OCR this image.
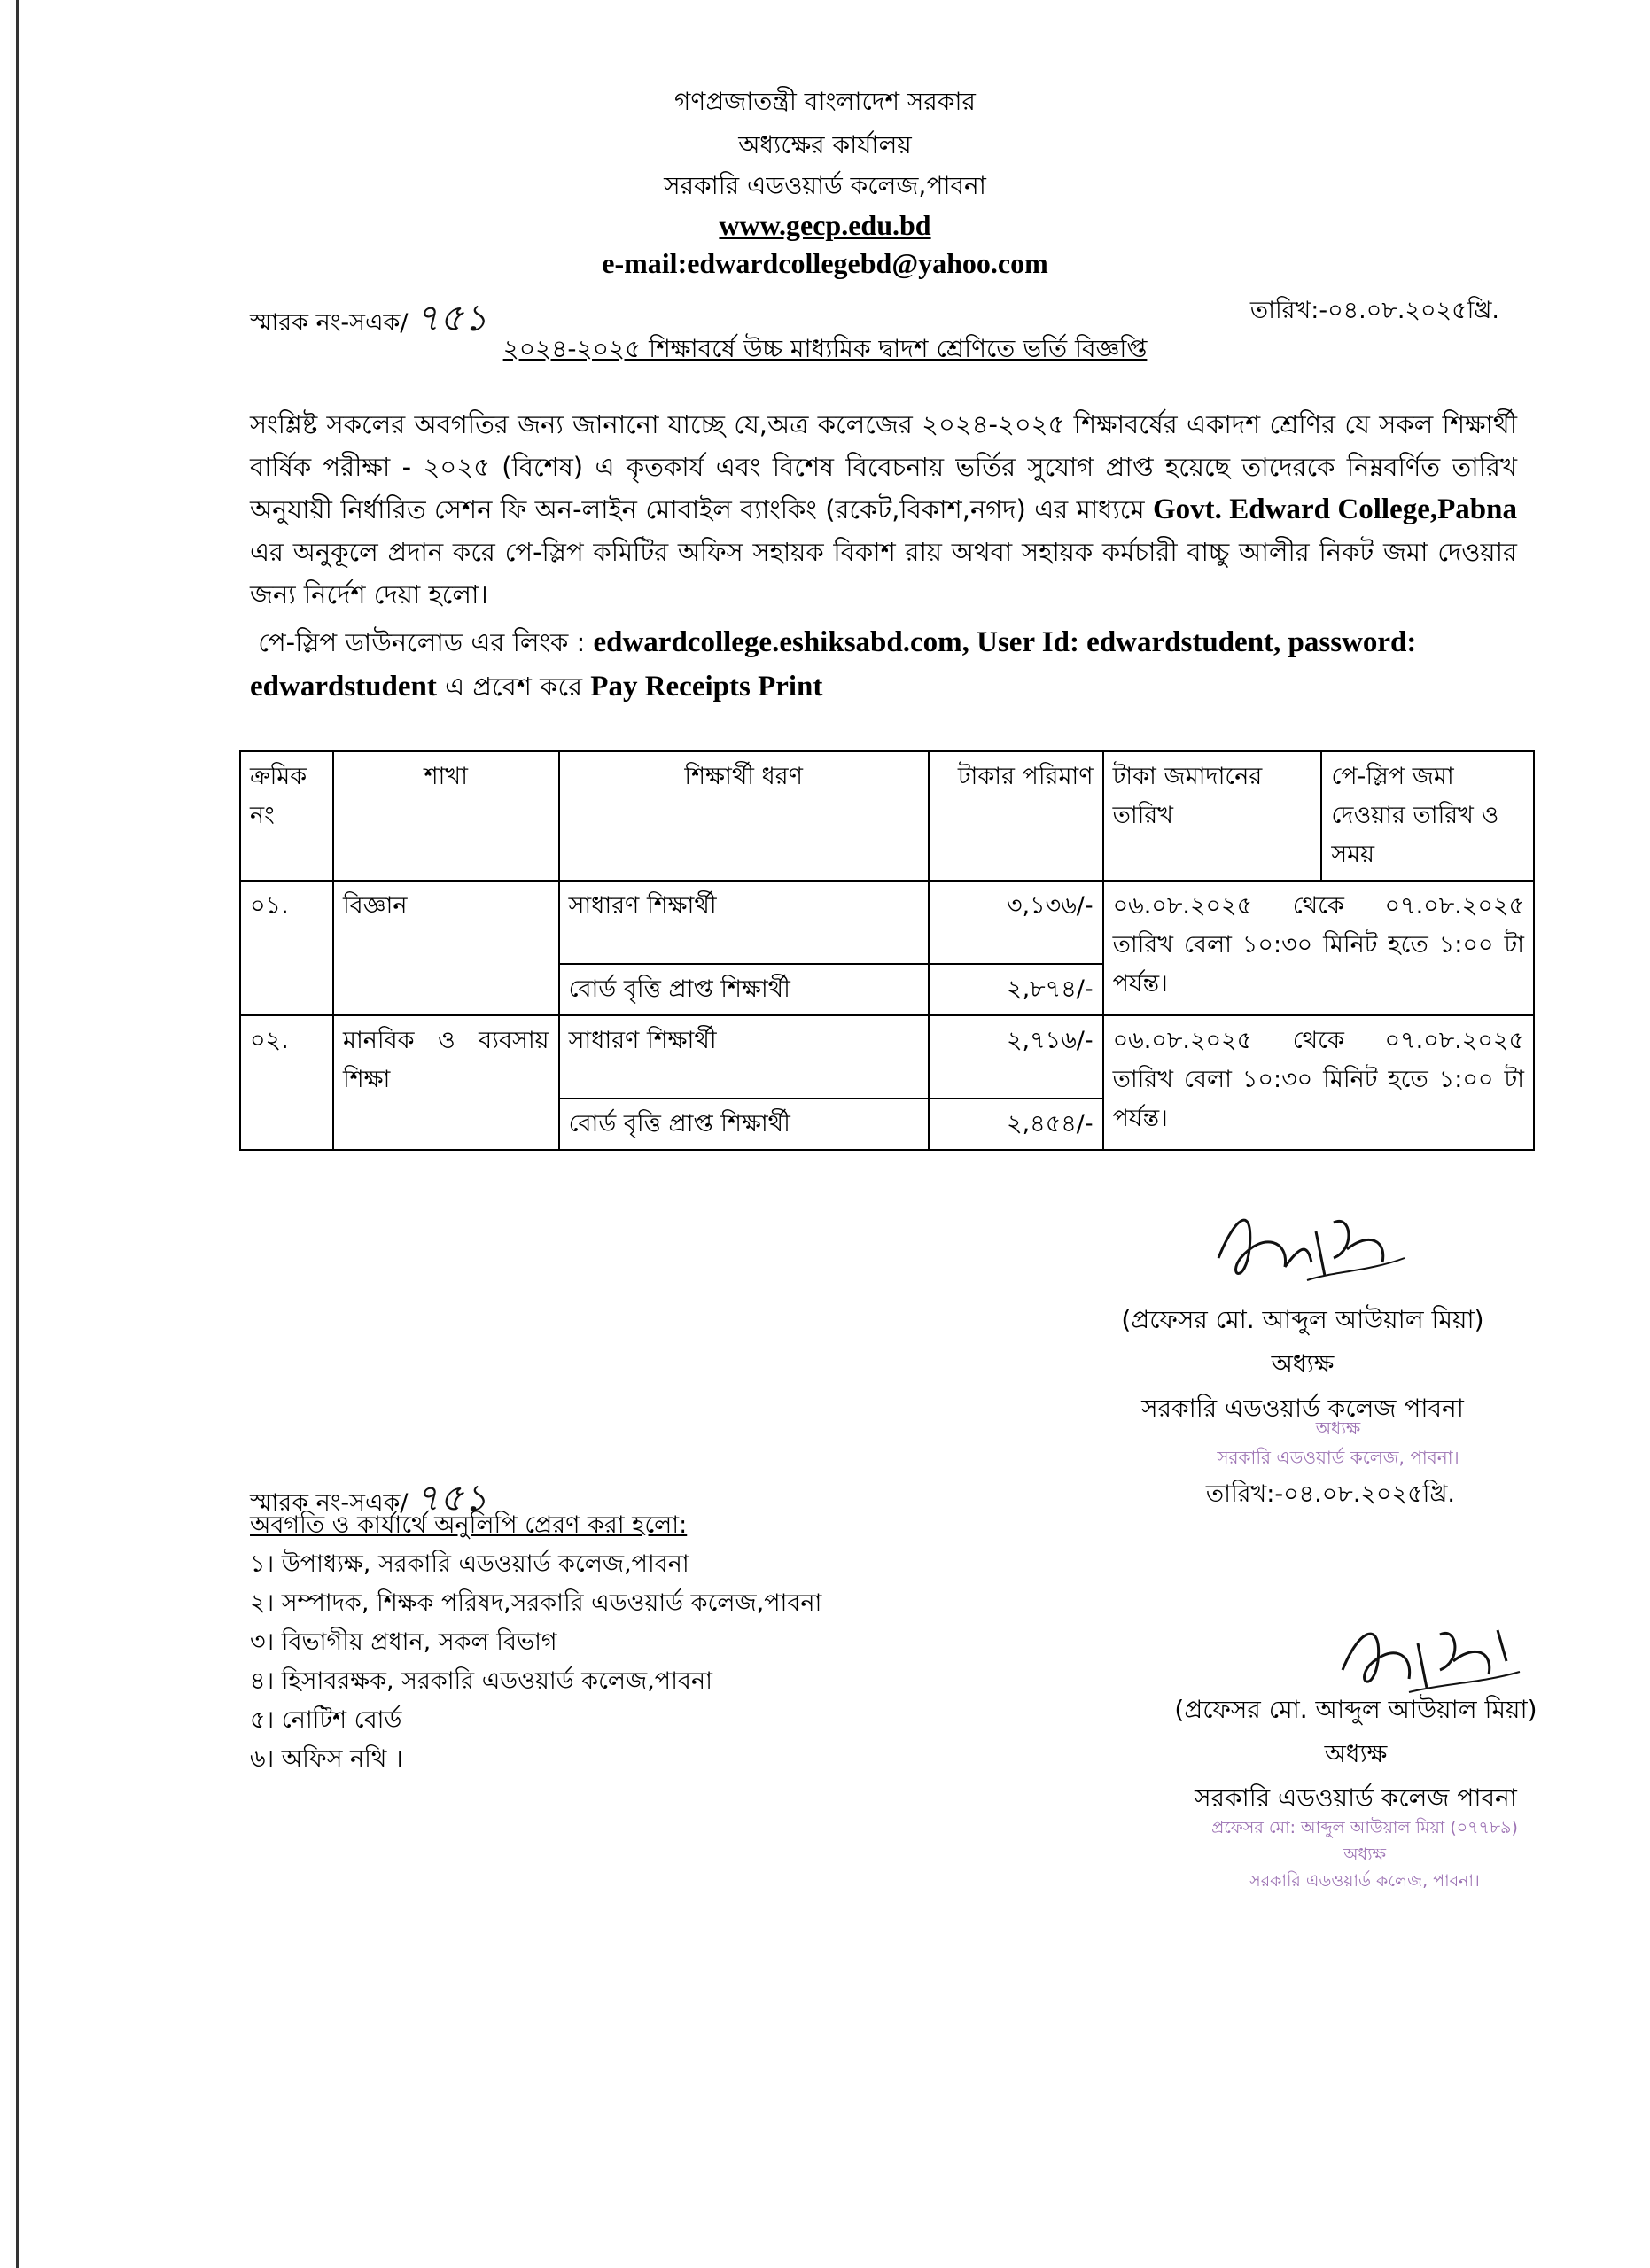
গণপ্রজাতন্ত্রী বাংলাদেশ সরকার
অধ্যক্ষের কার্যালয়
সরকারি এডওয়ার্ড কলেজ,পাবনা
www.gecp.edu.bd
e-mail:edwardcollegebd@yahoo.com
স্মারক নং-সএক/ ৭৫১	তারিখ:-০৪.০৮.২০২৫খ্রি.
২০২৪-২০২৫ শিক্ষাবর্ষে উচ্চ মাধ্যমিক দ্বাদশ শ্রেণিতে ভর্তি বিজ্ঞপ্তি
সংশ্লিষ্ট সকলের অবগতির জন্য জানানো যাচ্ছে যে,অত্র কলেজের ২০২৪-২০২৫ শিক্ষাবর্ষের একাদশ শ্রেণির যে সকল শিক্ষার্থী বার্ষিক পরীক্ষা - ২০২৫ (বিশেষ) এ কৃতকার্য এবং বিশেষ বিবেচনায় ভর্তির সুযোগ প্রাপ্ত হয়েছে তাদেরকে নিম্নবর্ণিত তারিখ অনুযায়ী নির্ধারিত সেশন ফি অন-লাইন মোবাইল ব্যাংকিং (রকেট,বিকাশ,নগদ) এর মাধ্যমে Govt. Edward College,Pabna এর অনুকূলে প্রদান করে পে-স্লিপ কমিটির অফিস সহায়ক বিকাশ রায় অথবা সহায়ক কর্মচারী বাচ্চু আলীর নিকট জমা দেওয়ার জন্য নির্দেশ দেয়া হলো।
পে-স্লিপ ডাউনলোড এর লিংক : edwardcollege.eshiksabd.com, User Id: edwardstudent, password: edwardstudent এ প্রবেশ করে Pay Receipts Print
ক্রমিক নং	শাখা	শিক্ষার্থী ধরণ	টাকার পরিমাণ	টাকা জমাদানের তারিখ	পে-স্লিপ জমা দেওয়ার তারিখ ও সময়
০১.	বিজ্ঞান	সাধারণ শিক্ষার্থী	৩,১৩৬/-	০৬.০৮.২০২৫ থেকে ০৭.০৮.২০২৫ তারিখ বেলা ১০:৩০ মিনিট হতে ১:০০ টা পর্যন্ত।	
		বোর্ড বৃত্তি প্রাপ্ত শিক্ষার্থী	২,৮৭৪/-		
০২.	মানবিক ও ব্যবসায় শিক্ষা	সাধারণ শিক্ষার্থী	২,৭১৬/-	০৬.০৮.২০২৫ থেকে ০৭.০৮.২০২৫ তারিখ বেলা ১০:৩০ মিনিট হতে ১:০০ টা পর্যন্ত।	
		বোর্ড বৃত্তি প্রাপ্ত শিক্ষার্থী	২,৪৫৪/-		
(প্রফেসর মো. আব্দুল আউয়াল মিয়া)
অধ্যক্ষ
সরকারি এডওয়ার্ড কলেজ পাবনা
অধ্যক্ষ
সরকারি এডওয়ার্ড কলেজ, পাবনা।
স্মারক নং-সএক/ ৭৫১	তারিখ:-০৪.০৮.২০২৫খ্রি.
অবগতি ও কার্যার্থে অনুলিপি প্রেরণ করা হলো:
১। উপাধ্যক্ষ, সরকারি এডওয়ার্ড কলেজ,পাবনা
২। সম্পাদক, শিক্ষক পরিষদ,সরকারি এডওয়ার্ড কলেজ,পাবনা
৩। বিভাগীয় প্রধান, সকল বিভাগ
৪। হিসাবরক্ষক, সরকারি এডওয়ার্ড কলেজ,পাবনা
৫। নোটিশ বোর্ড
৬। অফিস নথি ।
(প্রফেসর মো. আব্দুল আউয়াল মিয়া)
অধ্যক্ষ
সরকারি এডওয়ার্ড কলেজ পাবনা
প্রফেসর মো: আব্দুল আউয়াল মিয়া (০৭৭৮৯)
অধ্যক্ষ
সরকারি এডওয়ার্ড কলেজ, পাবনা।
